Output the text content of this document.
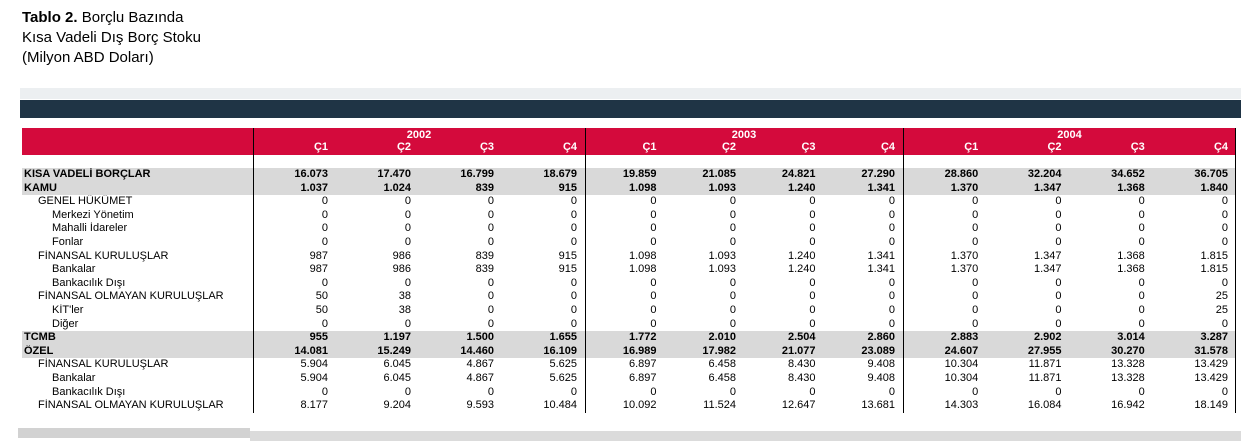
Tablo 2. Borçlu Bazında
Kısa Vadeli Dış Borç Stoku
(Milyon ABD Doları)
2002
Ç1	Ç2	Ç3	Ç4
2003
Ç1	Ç2	Ç3	Ç4
2004
Ç1	Ç2	Ç3	Ç4
KISA VADELİ BORÇLAR	16.073	17.470	16.799	18.679	19.859	21.085	24.821	27.290	28.860	32.204	34.652	36.705
KAMU	1.037	1.024	839	915	1.098	1.093	1.240	1.341	1.370	1.347	1.368	1.840
GENEL HÜKÜMET	0	0	0	0	0	0	0	0	0	0	0	0
Merkezi Yönetim	0	0	0	0	0	0	0	0	0	0	0	0
Mahalli İdareler	0	0	0	0	0	0	0	0	0	0	0	0
Fonlar	0	0	0	0	0	0	0	0	0	0	0	0
FİNANSAL KURULUŞLAR	987	986	839	915	1.098	1.093	1.240	1.341	1.370	1.347	1.368	1.815
Bankalar	987	986	839	915	1.098	1.093	1.240	1.341	1.370	1.347	1.368	1.815
Bankacılık Dışı	0	0	0	0	0	0	0	0	0	0	0	0
FİNANSAL OLMAYAN KURULUŞLAR	50	38	0	0	0	0	0	0	0	0	0	25
KİT'ler	50	38	0	0	0	0	0	0	0	0	0	25
Diğer	0	0	0	0	0	0	0	0	0	0	0	0
TCMB	955	1.197	1.500	1.655	1.772	2.010	2.504	2.860	2.883	2.902	3.014	3.287
ÖZEL	14.081	15.249	14.460	16.109	16.989	17.982	21.077	23.089	24.607	27.955	30.270	31.578
FİNANSAL KURULUŞLAR	5.904	6.045	4.867	5.625	6.897	6.458	8.430	9.408	10.304	11.871	13.328	13.429
Bankalar	5.904	6.045	4.867	5.625	6.897	6.458	8.430	9.408	10.304	11.871	13.328	13.429
Bankacılık Dışı	0	0	0	0	0	0	0	0	0	0	0	0
FİNANSAL OLMAYAN KURULUŞLAR	8.177	9.204	9.593	10.484	10.092	11.524	12.647	13.681	14.303	16.084	16.942	18.149
